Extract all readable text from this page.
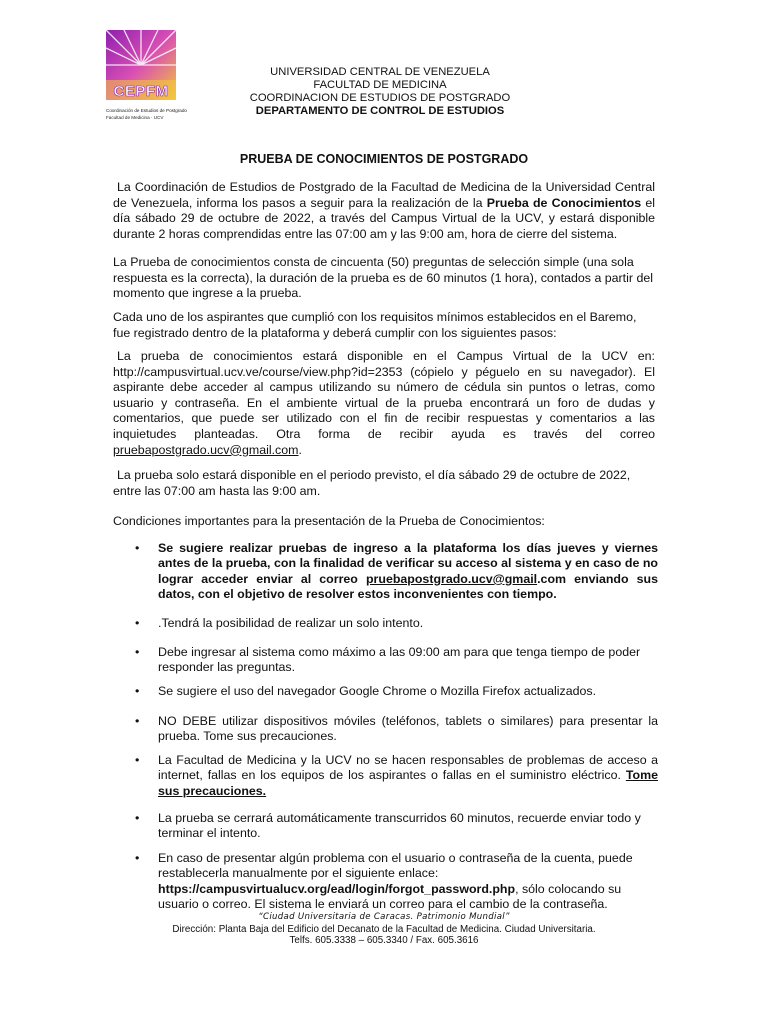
CEPFM
Coordinación de Estudios de Postgrado
Facultad de Medicina · UCV
UNIVERSIDAD CENTRAL DE VENEZUELA
FACULTAD DE MEDICINA
COORDINACION DE ESTUDIOS DE POSTGRADO
DEPARTAMENTO DE CONTROL DE ESTUDIOS
PRUEBA DE CONOCIMIENTOS DE POSTGRADO
La Coordinación de Estudios de Postgrado de la Facultad de Medicina de la Universidad Central de Venezuela, informa los pasos a seguir para la realización de la Prueba de Conocimientos el día sábado 29 de octubre de 2022, a través del Campus Virtual de la UCV, y estará disponible durante 2 horas comprendidas entre las 07:00 am y las 9:00 am, hora de cierre del sistema.
La Prueba de conocimientos consta de cincuenta (50) preguntas de selección simple (una sola respuesta es la correcta), la duración de la prueba es de 60 minutos (1 hora), contados a partir del momento que ingrese a la prueba.
Cada uno de los aspirantes que cumplió con los requisitos mínimos establecidos en el Baremo, fue registrado dentro de la plataforma y deberá cumplir con los siguientes pasos:
La prueba de conocimientos estará disponible en el Campus Virtual de la UCV en: http://campusvirtual.ucv.ve/course/view.php?id=2353 (cópielo y péguelo en su navegador). El aspirante debe acceder al campus utilizando su número de cédula sin puntos o letras, como usuario y contraseña. En el ambiente virtual de la prueba encontrará un foro de dudas y comentarios, que puede ser utilizado con el fin de recibir respuestas y comentarios a las inquietudes planteadas. Otra forma de recibir ayuda es través del correo pruebapostgrado.ucv@gmail.com.
La prueba solo estará disponible en el periodo previsto, el día sábado 29 de octubre de 2022, entre las 07:00 am hasta las 9:00 am.
Condiciones importantes para la presentación de la Prueba de Conocimientos:
• Se sugiere realizar pruebas de ingreso a la plataforma los días jueves y viernes antes de la prueba, con la finalidad de verificar su acceso al sistema y en caso de no lograr acceder enviar al correo pruebapostgrado.ucv@gmail.com enviando sus datos, con el objetivo de resolver estos inconvenientes con tiempo.
• .Tendrá la posibilidad de realizar un solo intento.
• Debe ingresar al sistema como máximo a las 09:00 am para que tenga tiempo de poder responder las preguntas.
• Se sugiere el uso del navegador Google Chrome o Mozilla Firefox actualizados.
• NO DEBE utilizar dispositivos móviles (teléfonos, tablets o similares) para presentar la prueba. Tome sus precauciones.
• La Facultad de Medicina y la UCV no se hacen responsables de problemas de acceso a internet, fallas en los equipos de los aspirantes o fallas en el suministro eléctrico. Tome sus precauciones.
• La prueba se cerrará automáticamente transcurridos 60 minutos, recuerde enviar todo y terminar el intento.
• En caso de presentar algún problema con el usuario o contraseña de la cuenta, puede restablecerla manualmente por el siguiente enlace: https://campusvirtualucv.org/ead/login/forgot_password.php, sólo colocando su usuario o correo. El sistema le enviará un correo para el cambio de la contraseña.
“Ciudad Universitaria de Caracas. Patrimonio Mundial”
Dirección: Planta Baja del Edificio del Decanato de la Facultad de Medicina. Ciudad Universitaria.
Telfs. 605.3338 – 605.3340 / Fax. 605.3616
